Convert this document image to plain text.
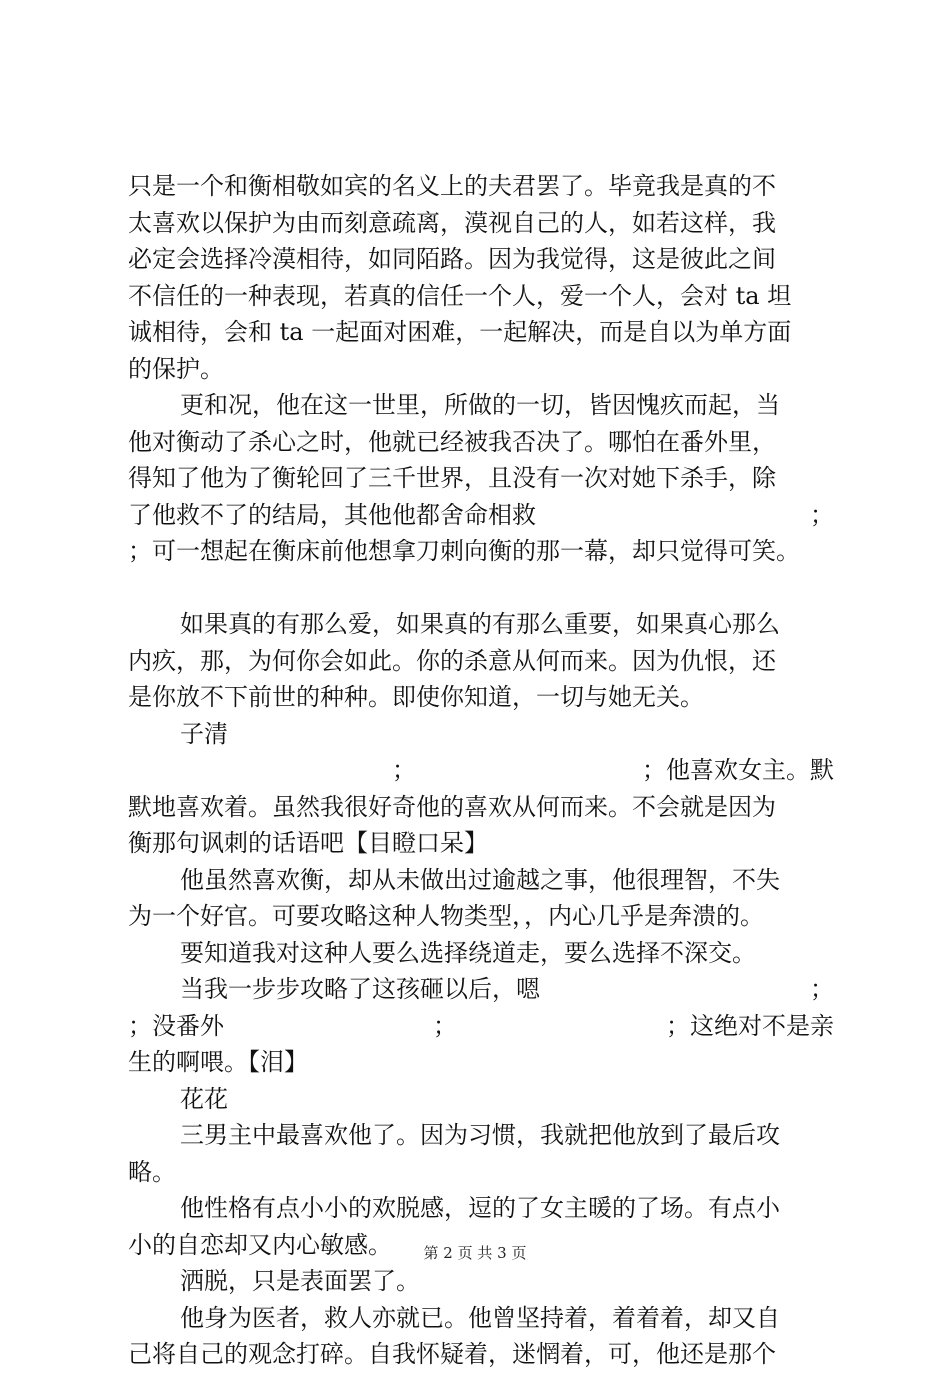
只是一个和衡相敬如宾的名义上的夫君罢了。毕竟我是真的不
太喜欢以保护为由而刻意疏离，漠视自己的人，如若这样，我
必定会选择冷漠相待，如同陌路。因为我觉得，这是彼此之间
不信任的一种表现，若真的信任一个人，爱一个人，会对 ta 坦
诚相待，会和 ta 一起面对困难，一起解决，而是自以为单方面
的保护。
更和况，他在这一世里，所做的一切，皆因愧疚而起，当
他对衡动了杀心之时，他就已经被我否决了。哪怕在番外里，
得知了他为了衡轮回了三千世界，且没有一次对她下杀手，除
了他救不了的结局，其他他都舍命相救	；
；可一想起在衡床前他想拿刀刺向衡的那一幕，却只觉得可笑。
如果真的有那么爱，如果真的有那么重要，如果真心那么
内疚，那，为何你会如此。你的杀意从何而来。因为仇恨，还
是你放不下前世的种种。即使你知道，一切与她无关。
子清
；	；他喜欢女主。默
默地喜欢着。虽然我很好奇他的喜欢从何而来。不会就是因为
衡那句讽刺的话语吧【目瞪口呆】
他虽然喜欢衡，却从未做出过逾越之事，他很理智，不失
为一个好官。可要攻略这种人物类型，，内心几乎是奔溃的。
要知道我对这种人要么选择绕道走，要么选择不深交。
当我一步步攻略了这孩砸以后，嗯	；
；没番外	；	；这绝对不是亲
生的啊喂。【泪】
花花
三男主中最喜欢他了。因为习惯，我就把他放到了最后攻
略。
他性格有点小小的欢脱感，逗的了女主暖的了场。有点小
小的自恋却又内心敏感。
洒脱，只是表面罢了。
他身为医者，救人亦就已。他曾坚持着，着着着，却又自
己将自己的观念打碎。自我怀疑着，迷惘着，可，他还是那个
第 2 页 共 3 页
